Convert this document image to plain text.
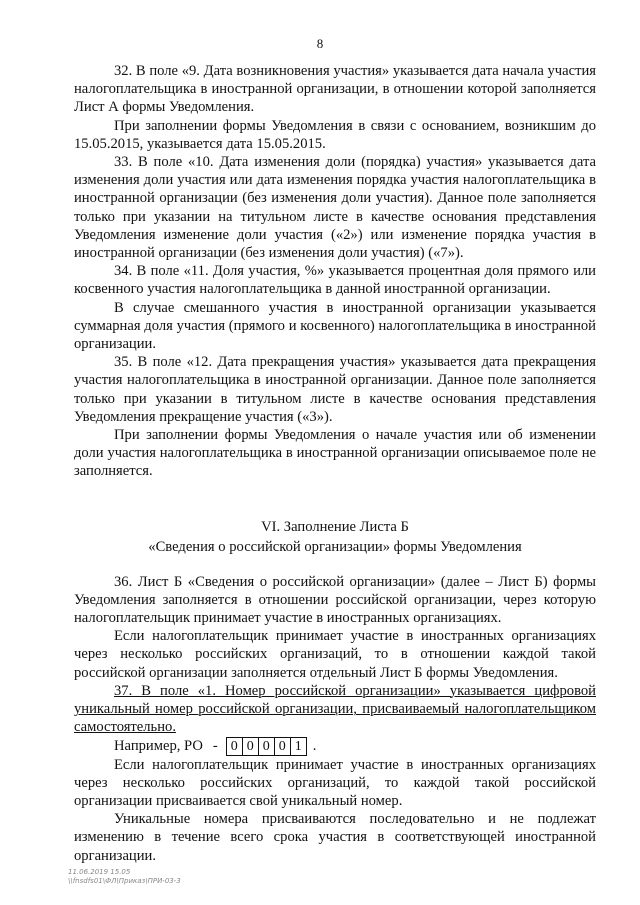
8

32. В поле «9. Дата возникновения участия» указывается дата начала участия налогоплательщика в иностранной организации, в отношении которой заполняется Лист А формы Уведомления.

При заполнении формы Уведомления в связи с основанием, возникшим до 15.05.2015, указывается дата 15.05.2015.

33. В поле «10. Дата изменения доли (порядка) участия» указывается дата изменения доли участия или дата изменения порядка участия налогоплательщика в иностранной организации (без изменения доли участия). Данное поле заполняется только при указании на титульном листе в качестве основания представления Уведомления изменение доли участия («2») или изменение порядка участия в иностранной организации (без изменения доли участия) («7»).

34. В поле «11. Доля участия, %» указывается процентная доля прямого или косвенного участия налогоплательщика в данной иностранной организации.

В случае смешанного участия в иностранной организации указывается суммарная доля участия (прямого и косвенного) налогоплательщика в иностранной организации.

35. В поле «12. Дата прекращения участия» указывается дата прекращения участия налогоплательщика в иностранной организации. Данное поле заполняется только при указании в титульном листе в качестве основания представления Уведомления прекращение участия («3»).

При заполнении формы Уведомления о начале участия или об изменении доли участия налогоплательщика в иностранной организации описываемое поле не заполняется.

VI. Заполнение Листа Б
«Сведения о российской организации» формы Уведомления

36. Лист Б «Сведения о российской организации» (далее – Лист Б) формы Уведомления заполняется в отношении российской организации, через которую налогоплательщик принимает участие в иностранных организациях.

Если налогоплательщик принимает участие в иностранных организациях через несколько российских организаций, то в отношении каждой такой российской организации заполняется отдельный Лист Б формы Уведомления.

37. В поле «1. Номер российской организации» указывается цифровой уникальный номер российской организации, присваиваемый налогоплательщиком самостоятельно.

Например, РО - 0 0 0 0 1 .

Если налогоплательщик принимает участие в иностранных организациях через несколько российских организаций, то каждой такой российской организации присваивается свой уникальный номер.

Уникальные номера присваиваются последовательно и не подлежат изменению в течение всего срока участия в соответствующей иностранной организации.

11.06.2019 15.05
\\fnsdfs01\ФЛ\Приказ\ПРИ-03-3
